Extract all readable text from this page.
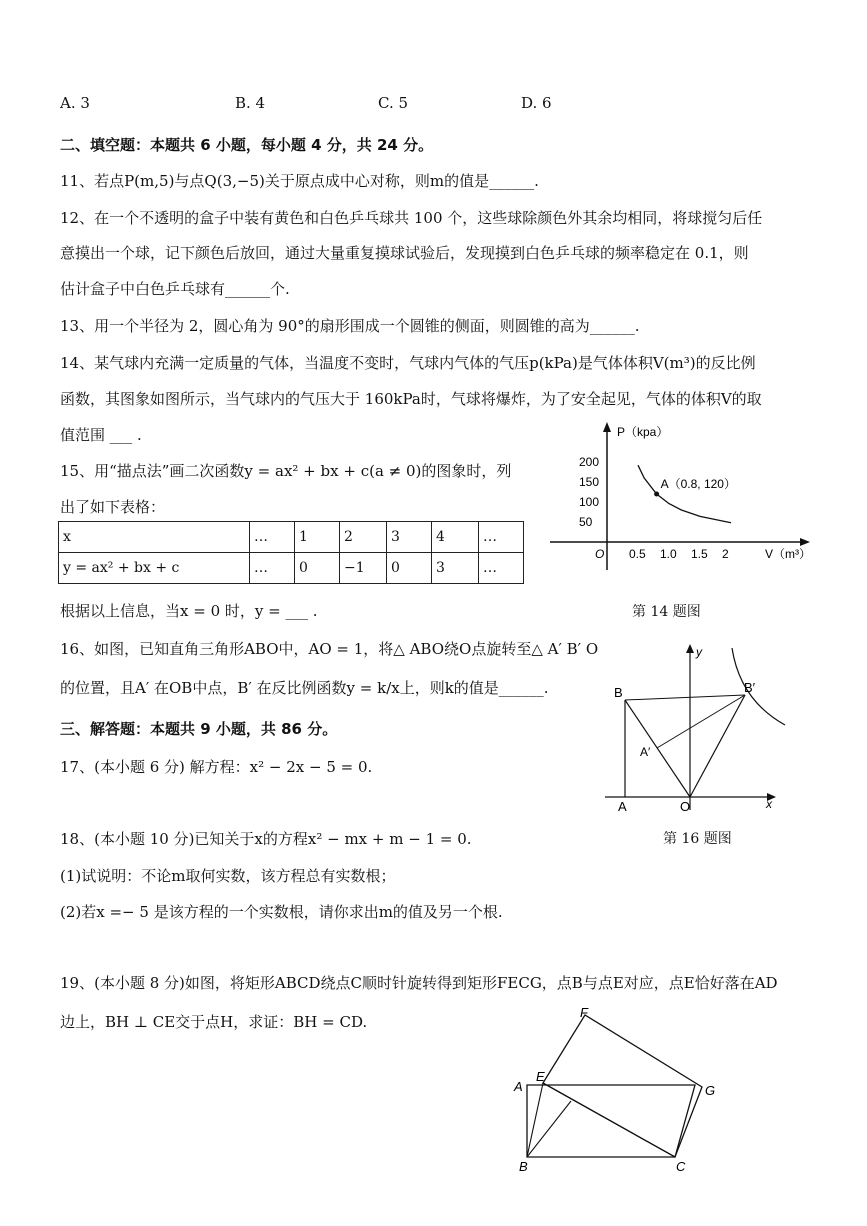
A. 3	B. 4	C. 5	D. 6
二、填空题：本题共 6 小题，每小题 4 分，共 24 分。
11、若点P(m,5)与点Q(3,−5)关于原点成中心对称，则m的值是______.
12、在一个不透明的盒子中装有黄色和白色乒乓球共 100 个，这些球除颜色外其余均相同，将球搅匀后任
意摸出一个球，记下颜色后放回，通过大量重复摸球试验后，发现摸到白色乒乓球的频率稳定在 0.1，则
估计盒子中白色乒乓球有______个.
13、用一个半径为 2，圆心角为 90°的扇形围成一个圆锥的侧面，则圆锥的高为______.
14、某气球内充满一定质量的气体，当温度不变时，气球内气体的气压p(kPa)是气体体积V(m³)的反比例
函数，其图象如图所示，当气球内的气压大于 160kPa时，气球将爆炸，为了安全起见，气体的体积V的取
值范围 ___ .
15、用“描点法”画二次函数y = ax² + bx + c(a ≠ 0)的图象时，列
出了如下表格：
x	…	1	2	3	4	…
y = ax² + bx + c	…	0	−1	0	3	…
根据以上信息，当x = 0 时，y = ___ .
16、如图，已知直角三角形ABO中，AO = 1，将△ ABO绕O点旋转至△ A′ B′ O
的位置，且A′ 在OB中点，B′ 在反比例函数y = k/x上，则k的值是______.
三、解答题：本题共 9 小题，共 86 分。
17、(本小题 6 分) 解方程：x² − 2x − 5 = 0.
18、(本小题 10 分)已知关于x的方程x² − mx + m − 1 = 0.
(1)试说明：不论m取何实数，该方程总有实数根；
(2)若x =− 5 是该方程的一个实数根，请你求出m的值及另一个根.
19、(本小题 8 分)如图，将矩形ABCD绕点C顺时针旋转得到矩形FECG，点B与点E对应，点E恰好落在AD
边上，BH ⊥ CE交于点H，求证：BH = CD.
P（kpa）
V（m³）
O
50
100
150
200
0.5 1.0 1.5 2
A（0.8, 120）
第 14 题图
y
x
B	B′
A′
A	O
第 16 题图
F
A
E
G
B	C
